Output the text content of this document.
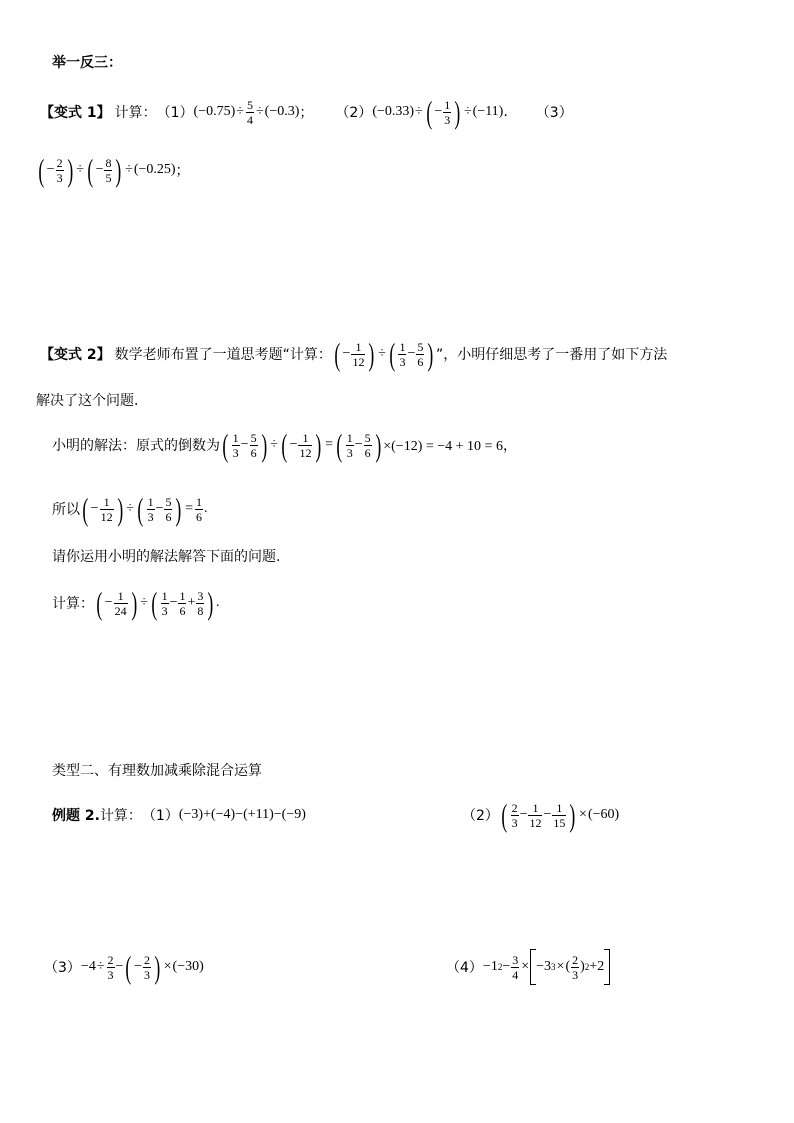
举一反三：
【变式 1】 计算： （1） $(-0.75) \div \frac{5}{4} \div (-0.3)$ ； （2） (−0.33) ÷ ( − $\frac{1}{3}$ ) ÷ (−11) . （3）
( − $\frac{2}{3}$ ) ÷ ( − $\frac{8}{5}$ ) ÷ (−0.25) ；
【变式 2】 数学老师布置了一道思考题“计算： ( − $\frac{1}{12}$ ) ÷ ( $\frac{1}{3} - \frac{5}{6}$ ) ”，小明仔细思考了一番用了如下方法
解决了这个问题.
小明的解法：原式的倒数为 ( $\frac{1}{3} - \frac{5}{6}$ ) ÷ ( − $\frac{1}{12}$ ) = ( $\frac{1}{3} - \frac{5}{6}$ ) ×(−12) = −4 + 10 = 6，
所以 ( − $\frac{1}{12}$ ) ÷ ( $\frac{1}{3} - \frac{5}{6}$ ) = $\frac{1}{6}$ .
请你运用小明的解法解答下面的问题.
计算： ( − $\frac{1}{24}$ ) ÷ ( $\frac{1}{3} - \frac{1}{6} + \frac{3}{8}$ ) .
类型二、有理数加减乘除混合运算
例题 2. 计算： （1） (−3)+(−4)−(+11)−(−9)	（2） ( $\frac{2}{3} - \frac{1}{12} - \frac{1}{15}$ ) × (−60)
$(3) -4 \div \frac{2}{3}$ − ( − $\frac{2}{3}$ ) × (−30)	（4） −1 $2 - \frac{3}{4} \times -3$ 3 × ( $\frac{2}{3}$ ) 2 +2
